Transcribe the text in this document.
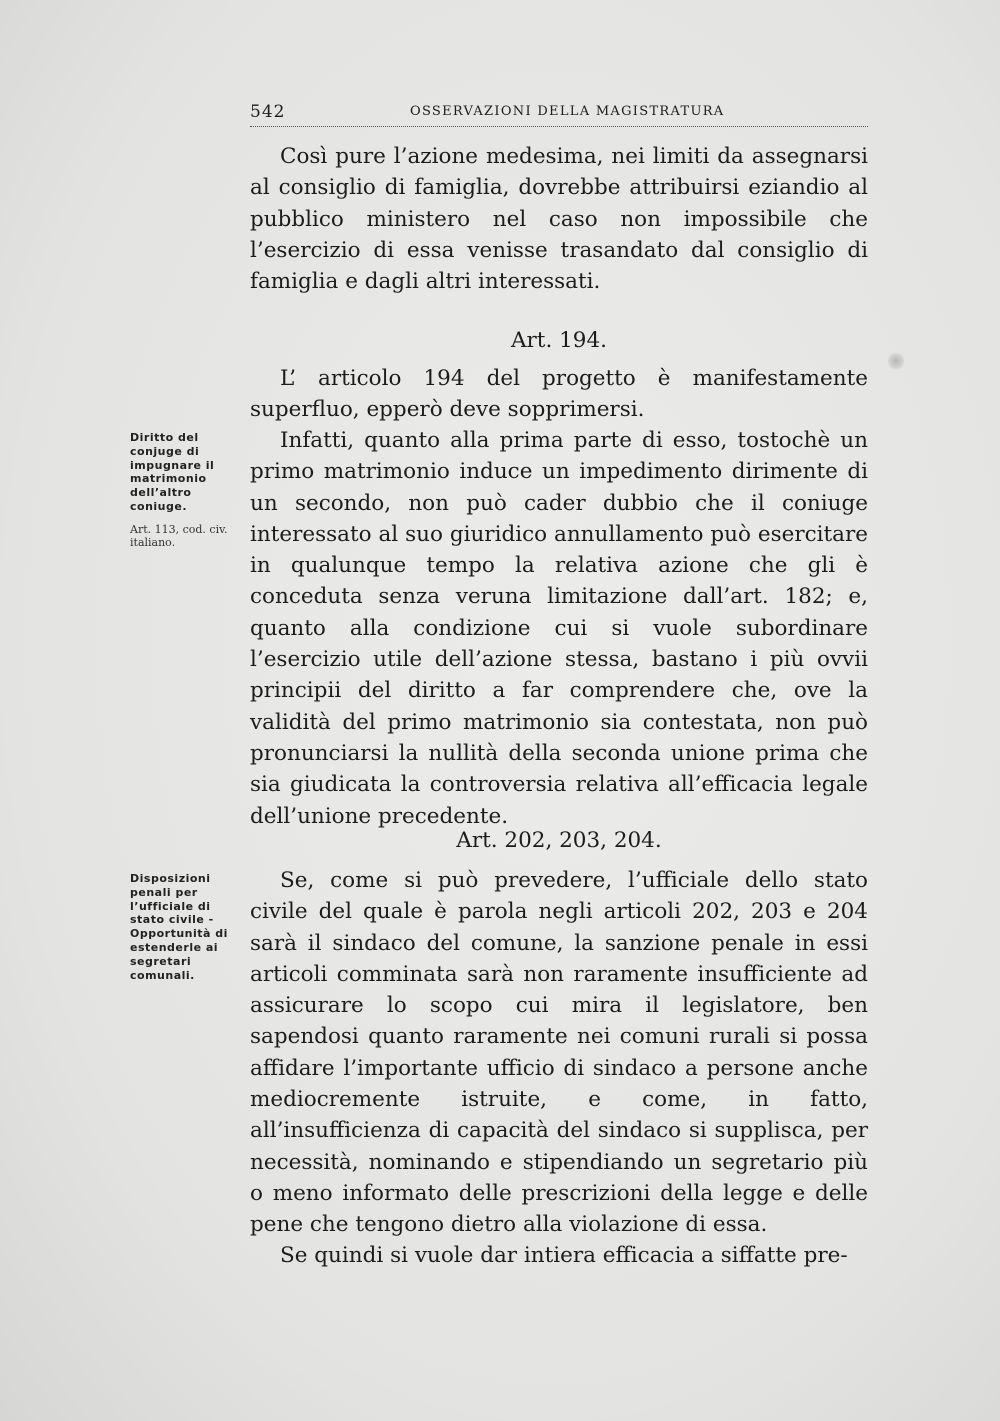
542	OSSERVAZIONI DELLA MAGISTRATURA

Così pure l’azione medesima, nei limiti da assegnarsi al consiglio di famiglia, dovrebbe attribuirsi eziandio al pubblico ministero nel caso non impossibile che l’esercizio di essa venisse trasandato dal consiglio di famiglia e dagli altri interessati.

Art. 194.

L’ articolo 194 del progetto è manifestamente superfluo, epperò deve sopprimersi.

Infatti, quanto alla prima parte di esso, tostochè un primo matrimonio induce un impedimento dirimente di un secondo, non può cader dubbio che il coniuge interessato al suo giuridico annullamento può esercitare in qualunque tempo la relativa azione che gli è conceduta senza veruna limitazione dall’art. 182; e, quanto alla condizione cui si vuole subordinare l’esercizio utile dell’azione stessa, bastano i più ovvii principii del diritto a far comprendere che, ove la validità del primo matrimonio sia contestata, non può pronunciarsi la nullità della seconda unione prima che sia giudicata la controversia relativa all’efficacia legale dell’unione precedente.

Art. 202, 203, 204.

Se, come si può prevedere, l’ufficiale dello stato civile del quale è parola negli articoli 202, 203 e 204 sarà il sindaco del comune, la sanzione penale in essi articoli comminata sarà non raramente insufficiente ad assicurare lo scopo cui mira il legislatore, ben sapendosi quanto raramente nei comuni rurali si possa affidare l’importante ufficio di sindaco a persone anche mediocremente istruite, e come, in fatto, all’insufficienza di capacità del sindaco si supplisca, per necessità, nominando e stipendiando un segretario più o meno informato delle prescrizioni della legge e delle pene che tengono dietro alla violazione di essa.

Se quindi si vuole dar intiera efficacia a siffatte pre-

Diritto del conjuge di impugnare il matrimonio dell’altro coniuge.

Art. 113, cod. civ. italiano.

Disposizioni penali per l’ufficiale di stato civile - Opportunità di estenderle ai segretari comunali.
